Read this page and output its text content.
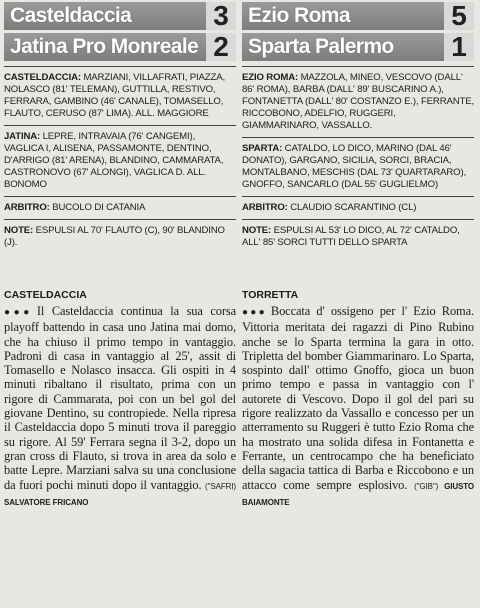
Casteldaccia	3
Jatina Pro Monreale 2
CASTELDACCIA: MARZIANI, VILLAFRATI, PIAZZA, NOLASCO (81' TELEMAN), GUTTILLA, RESTIVO, FERRARA, GAMBINO (46' CANALE), TOMASELLO, FLAUTO, CERUSO (87' LIMA). ALL. MAGGIORE
JATINA: LEPRE, INTRAVAIA (76' CANGEMI), VAGLICA I, ALISENA, PASSAMONTE, DENTINO, D'ARRIGO (81' ARENA), BLANDINO, CAMMARATA, CASTRONOVO (67' ALONGI), VAGLICA D. ALL. BONOMO
ARBITRO: BUCOLO DI CATANIA
NOTE: ESPULSI AL 70' FLAUTO (C), 90' BLANDINO (J).
CASTELDACCIA
●●● Il Casteldaccia continua la sua corsa playoff battendo in casa uno Jatina mai domo, che ha chiuso il primo tempo in vantaggio. Padroni di casa in vantaggio al 25', assit di Tomasello e Nolasco insacca. Gli ospiti in 4 minuti ribaltano il risultato, prima con un rigore di Cammarata, poi con un bel gol del giovane Dentino, su contropiede. Nella ripresa il Casteldaccia dopo 5 minuti trova il pareggio su rigore. Al 59' Ferrara segna il 3-2, dopo un gran cross di Flauto, si trova in area da solo e batte Lepre. Marziani salva su una conclusione da fuori pochi minuti dopo il vantaggio. ("SAFRI) SALVATORE FRICANO
Ezio Roma	5
Sparta Palermo 1
EZIO ROMA: MAZZOLA, MINEO, VESCOVO (DALL' 86' ROMA), BARBA (DALL' 89' BUSCARINO A.), FONTANETTA (DALL' 80' COSTANZO E.), FERRANTE, RICCOBONO, ADELFIO, RUGGERI, GIAMMARINARO, VASSALLO.
SPARTA: CATALDO, LO DICO, MARINO (DAL 46' DONATO), GARGANO, SICILIA, SORCI, BRACIA, MONTALBANO, MESCHIS (DAL 73' QUARTARARO), GNOFFO, SANCARLO (DAL 55' GUGLIELMO)
ARBITRO: CLAUDIO SCARANTINO (CL)
NOTE: ESPULSI AL 53' LO DICO, AL 72' CATALDO, ALL' 85' SORCI TUTTI DELLO SPARTA
TORRETTA
●●● Boccata d' ossigeno per l' Ezio Roma. Vittoria meritata dei ragazzi di Pino Rubino anche se lo Sparta termina la gara in otto. Tripletta del bomber Giammarinaro. Lo Sparta, sospinto dall' ottimo Gnoffo, gioca un buon primo tempo e passa in vantaggio con l' autorete di Vescovo. Dopo il gol del pari su rigore realizzato da Vassallo e concesso per un atterramento su Ruggeri è tutto Ezio Roma che ha mostrato una solida difesa in Fontanetta e Ferrante, un centrocampo che ha beneficiato della sagacia tattica di Barba e Riccobono e un attacco come sempre esplosivo. ("GIB") GIUSTO BAIAMONTE
